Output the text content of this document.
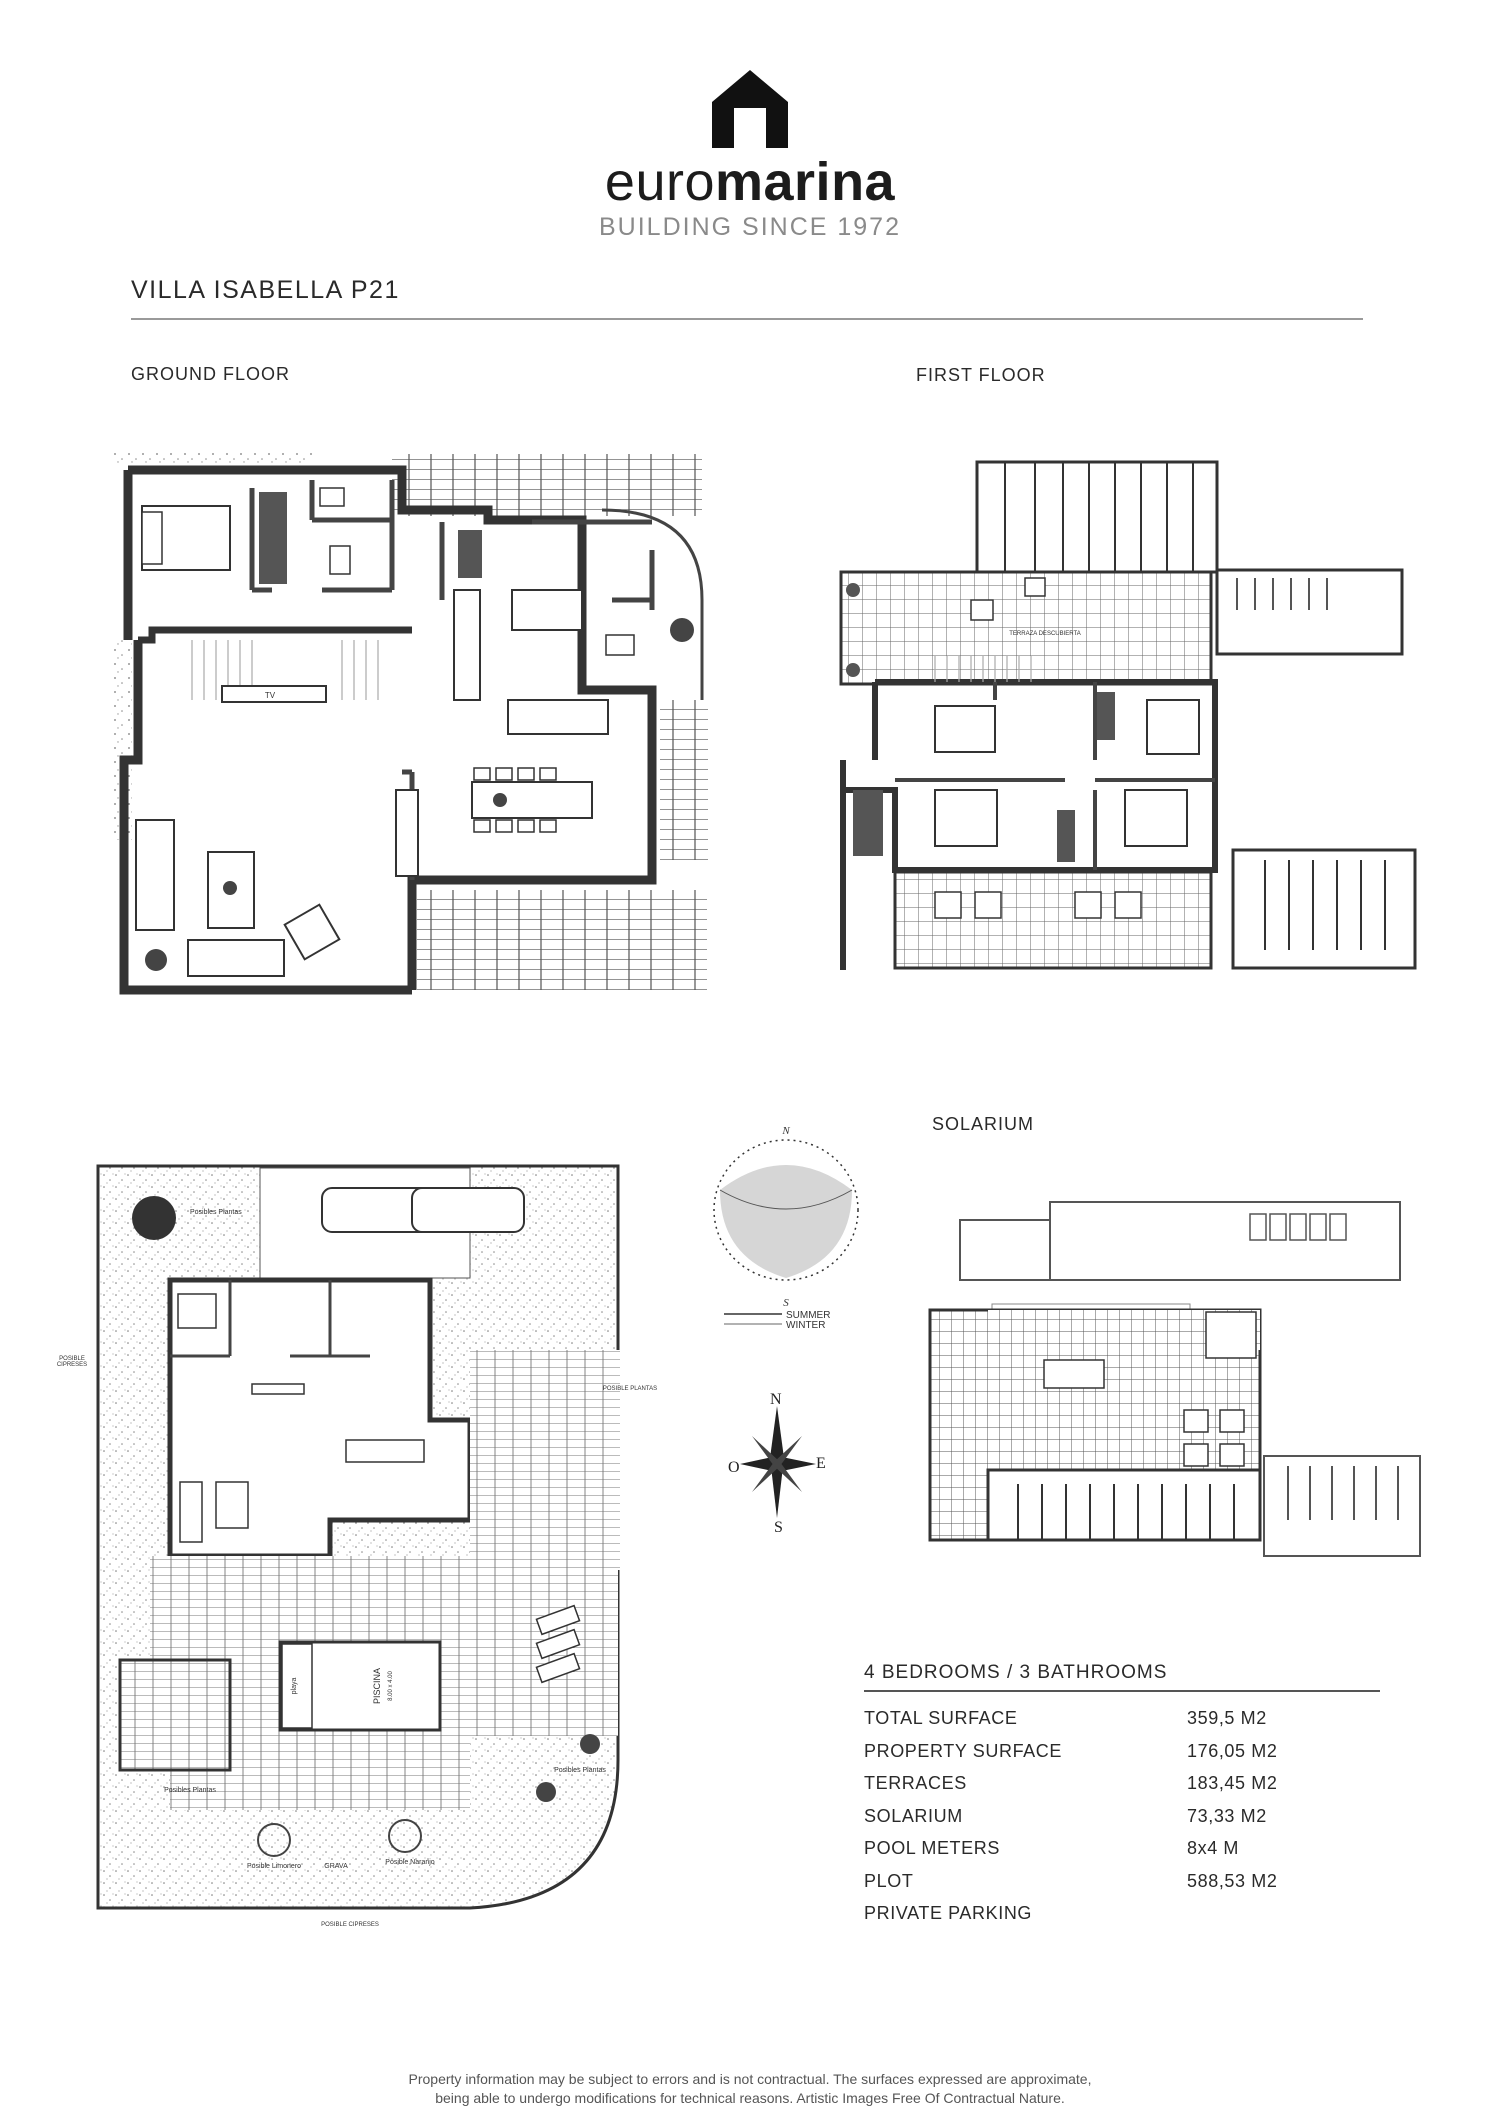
euromarina
BUILDING SINCE 1972
VILLA ISABELLA P21
GROUND FLOOR	FIRST FLOOR
SOLARIUM
TV
TERRAZA DESCUBIERTA
playa	PISCINA 8.00 x 4.00
Posibles Plantas
GRAVA
Posible Limonero
Posible Naranjo
Posibles Plantas
Posibles Plantas
POSIBLE PLANTAS
POSIBLE CIPRESES
POSIBLE CIPRESES
N
S
SUMMER
WINTER
N
S
E
O
4 BEDROOMS / 3 BATHROOMS
TOTAL SURFACE	359,5 M2
PROPERTY SURFACE	176,05 M2
TERRACES	183,45 M2
SOLARIUM	73,33 M2
POOL METERS	8x4 M
PLOT	588,53 M2
PRIVATE PARKING
Property information may be subject to errors and is not contractual. The surfaces expressed are approximate,
being able to undergo modifications for technical reasons. Artistic Images Free Of Contractual Nature.
